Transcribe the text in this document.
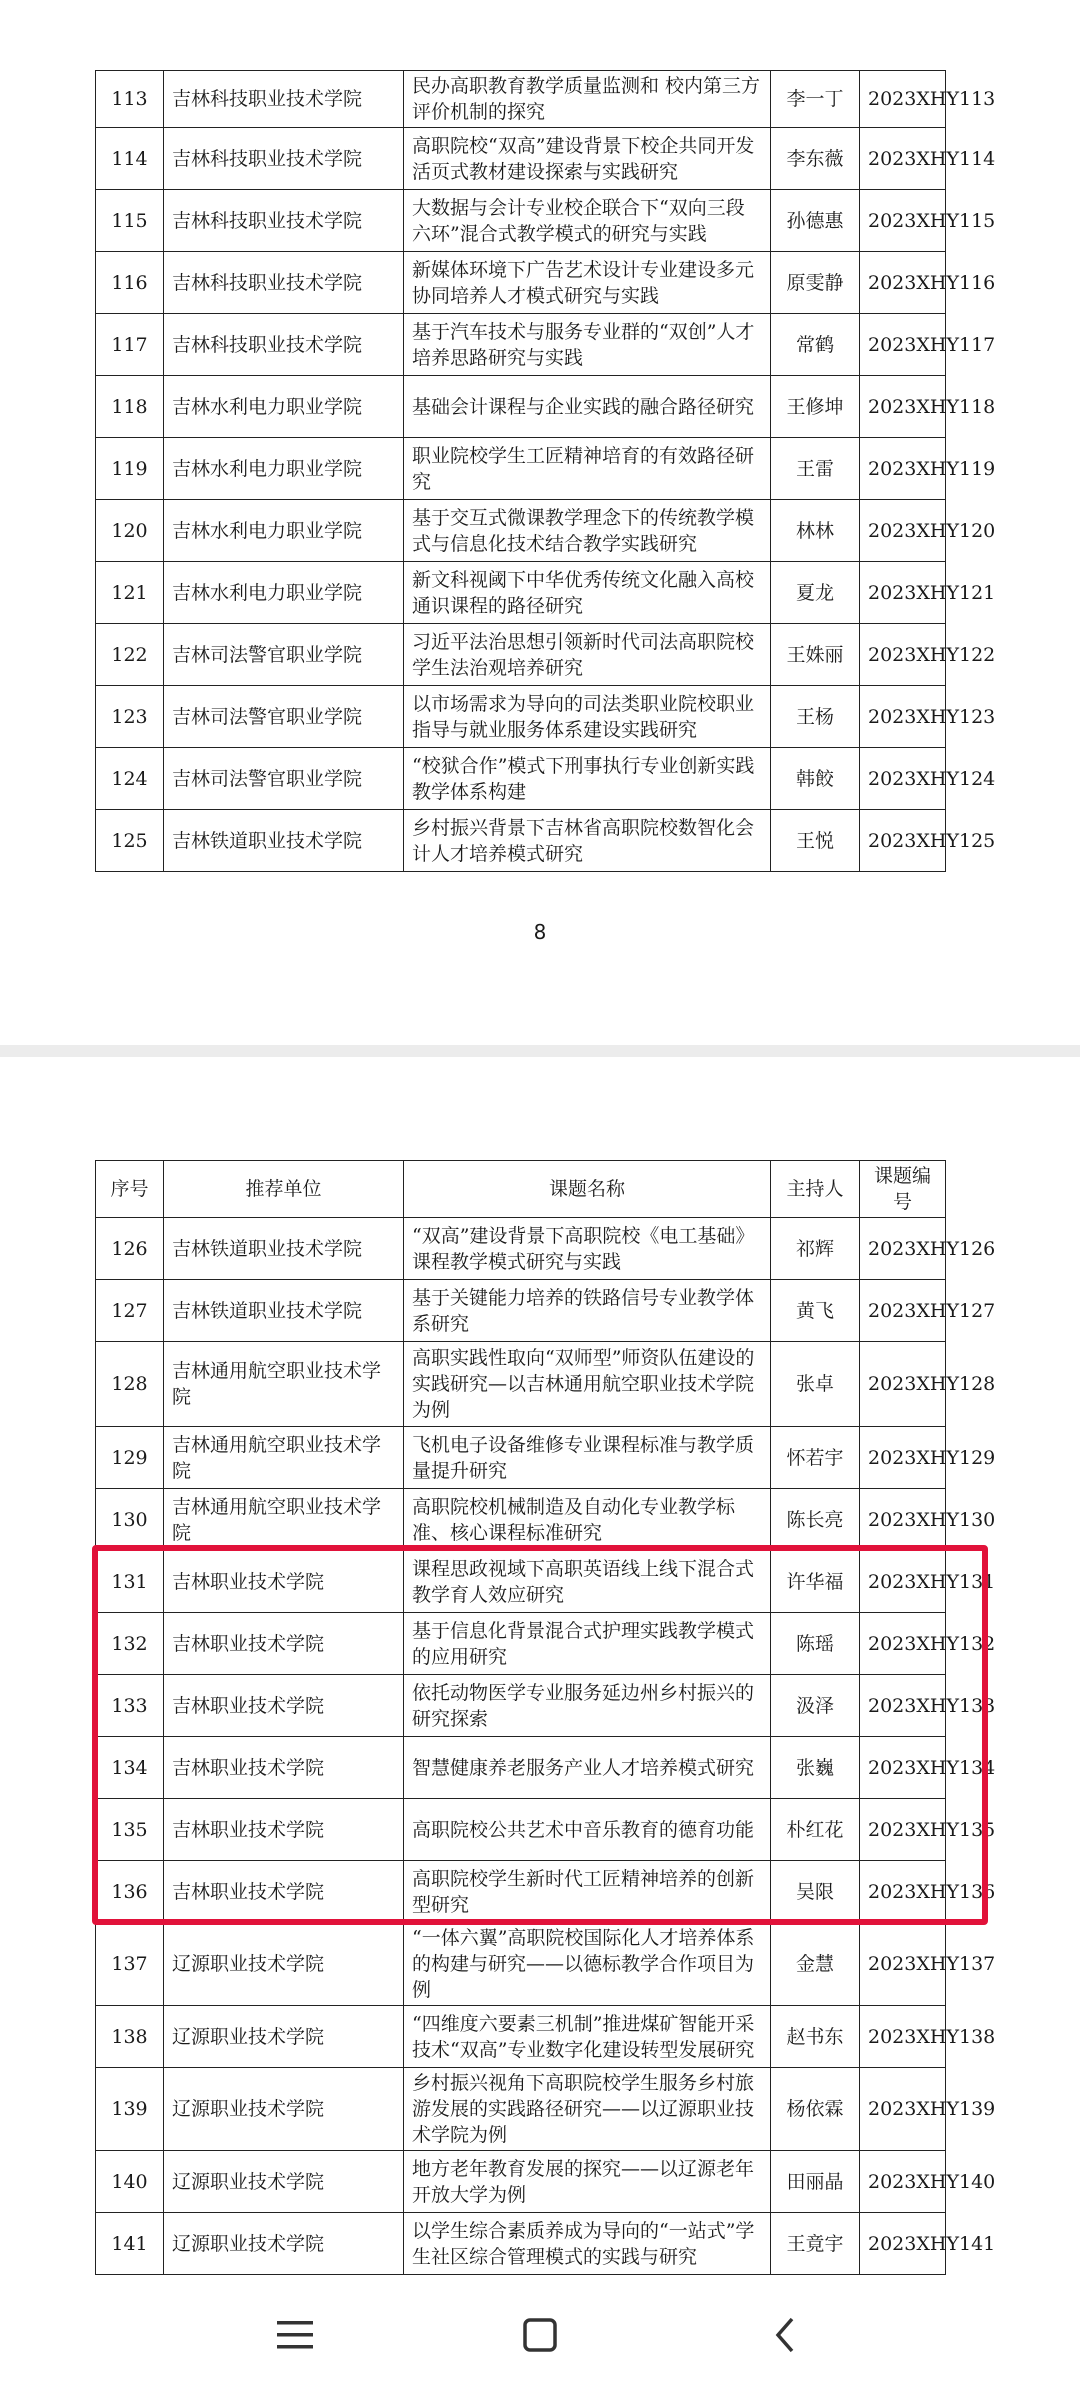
113	吉林科技职业技术学院	民办高职教育教学质量监测和 校内第三方评价机制的探究	李一丁	2023XHY113
114	吉林科技职业技术学院	高职院校“双高”建设背景下校企共同开发活页式教材建设探索与实践研究	李东薇	2023XHY114
115	吉林科技职业技术学院	大数据与会计专业校企联合下“双向三段六环”混合式教学模式的研究与实践	孙德惠	2023XHY115
116	吉林科技职业技术学院	新媒体环境下广告艺术设计专业建设多元协同培养人才模式研究与实践	原雯静	2023XHY116
117	吉林科技职业技术学院	基于汽车技术与服务专业群的“双创”人才培养思路研究与实践	常鹤	2023XHY117
118	吉林水利电力职业学院	基础会计课程与企业实践的融合路径研究	王修坤	2023XHY118
119	吉林水利电力职业学院	职业院校学生工匠精神培育的有效路径研究	王雷	2023XHY119
120	吉林水利电力职业学院	基于交互式微课教学理念下的传统教学模式与信息化技术结合教学实践研究	林林	2023XHY120
121	吉林水利电力职业学院	新文科视阈下中华优秀传统文化融入高校通识课程的路径研究	夏龙	2023XHY121
122	吉林司法警官职业学院	习近平法治思想引领新时代司法高职院校学生法治观培养研究	王姝丽	2023XHY122
123	吉林司法警官职业学院	以市场需求为导向的司法类职业院校职业指导与就业服务体系建设实践研究	王杨	2023XHY123
124	吉林司法警官职业学院	“校狱合作”模式下刑事执行专业创新实践教学体系构建	韩餃	2023XHY124
125	吉林铁道职业技术学院	乡村振兴背景下吉林省高职院校数智化会计人才培养模式研究	王悦	2023XHY125
8
序号	推荐单位	课题名称	主持人	课题编号
126	吉林铁道职业技术学院	“双高”建设背景下高职院校《电工基础》课程教学模式研究与实践	祁辉	2023XHY126
127	吉林铁道职业技术学院	基于关键能力培养的铁路信号专业教学体系研究	黄飞	2023XHY127
128	吉林通用航空职业技术学院	高职实践性取向“双师型”师资队伍建设的实践研究—以吉林通用航空职业技术学院为例	张卓	2023XHY128
129	吉林通用航空职业技术学院	飞机电子设备维修专业课程标准与教学质量提升研究	怀若宇	2023XHY129
130	吉林通用航空职业技术学院	高职院校机械制造及自动化专业教学标准、核心课程标准研究	陈长亮	2023XHY130
131	吉林职业技术学院	课程思政视域下高职英语线上线下混合式教学育人效应研究	许华福	2023XHY131
132	吉林职业技术学院	基于信息化背景混合式护理实践教学模式的应用研究	陈瑶	2023XHY132
133	吉林职业技术学院	依托动物医学专业服务延边州乡村振兴的研究探索	汲泽	2023XHY133
134	吉林职业技术学院	智慧健康养老服务产业人才培养模式研究	张巍	2023XHY134
135	吉林职业技术学院	高职院校公共艺术中音乐教育的德育功能	朴红花	2023XHY135
136	吉林职业技术学院	高职院校学生新时代工匠精神培养的创新型研究	吴限	2023XHY136
137	辽源职业技术学院	“一体六翼”高职院校国际化人才培养体系的构建与研究——以德标教学合作项目为例	金慧	2023XHY137
138	辽源职业技术学院	“四维度六要素三机制”推进煤矿智能开采技术“双高”专业数字化建设转型发展研究	赵书东	2023XHY138
139	辽源职业技术学院	乡村振兴视角下高职院校学生服务乡村旅游发展的实践路径研究——以辽源职业技术学院为例	杨依霖	2023XHY139
140	辽源职业技术学院	地方老年教育发展的探究——以辽源老年开放大学为例	田丽晶	2023XHY140
141	辽源职业技术学院	以学生综合素质养成为导向的“一站式”学生社区综合管理模式的实践与研究	王竟宇	2023XHY141
